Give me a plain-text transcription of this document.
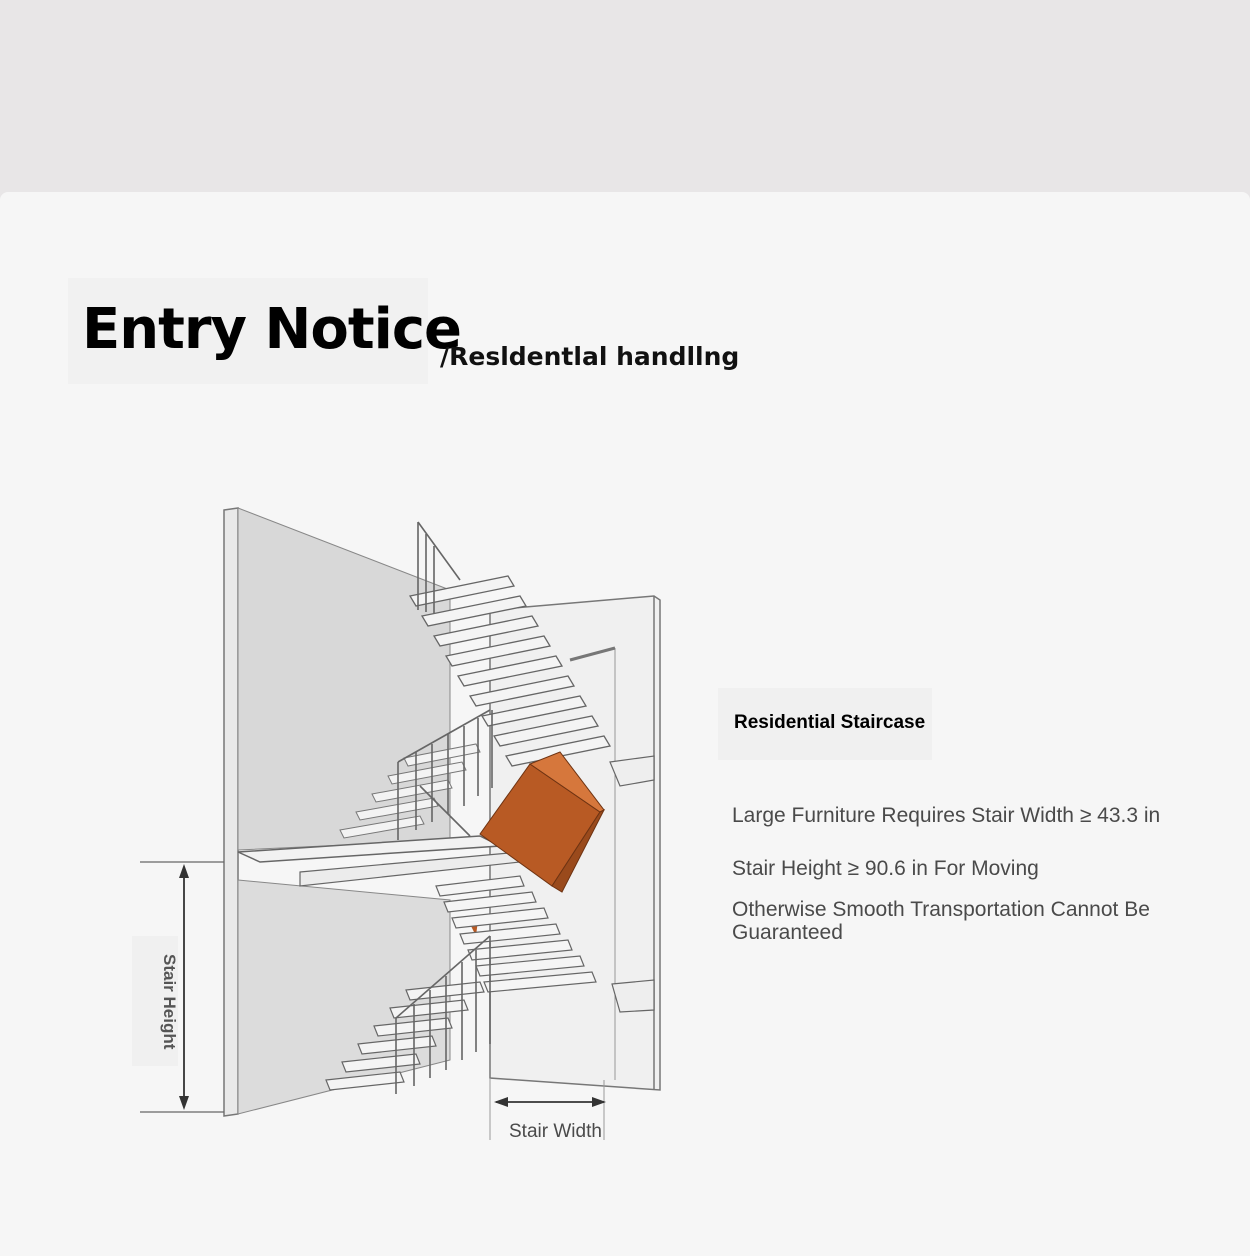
Entry Notice
/Resldentlal handllng
Stair Height
Stair Width
Residential Staircase
Large Furniture Requires Stair Width ≥ 43.3 in
Stair Height ≥ 90.6 in For Moving
Otherwise Smooth Transportation Cannot Be Guaranteed
